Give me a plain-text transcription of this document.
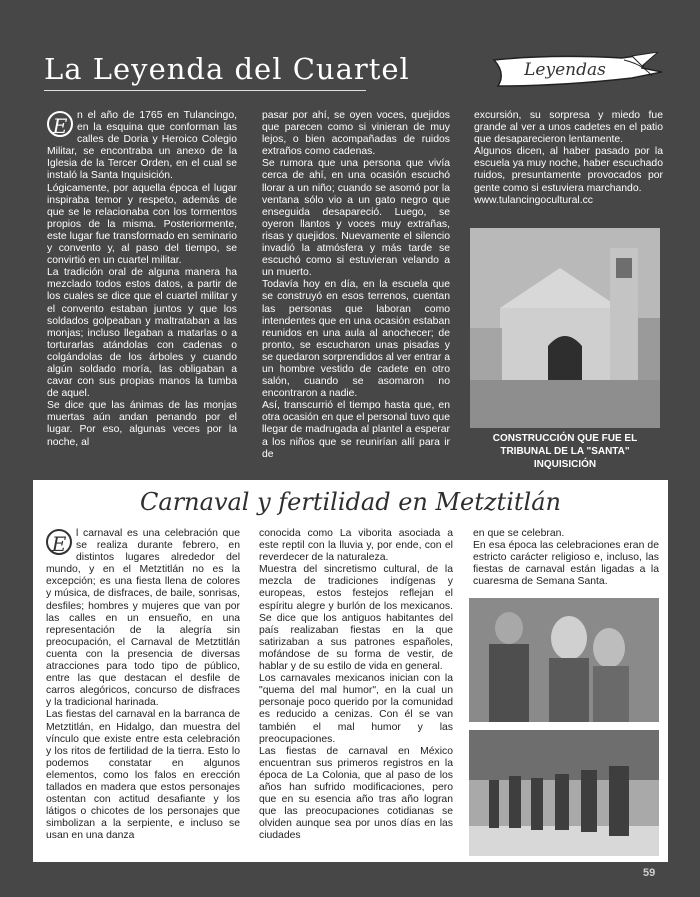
La Leyenda del Cuartel	Leyendas
E n el año de 1765 en Tulancingo, en la esquina que conforman las calles de Doria y Heroico Colegio Militar, se encontraba un anexo de la Iglesia de la Tercer Orden, en el cual se instaló la Santa Inquisición.

Lógicamente, por aquella época el lugar inspiraba temor y respeto, además de que se le relacionaba con los tormentos propios de la misma. Posteriormente, este lugar fue transformado en seminario y convento y, al paso del tiempo, se convirtió en un cuartel militar.

La tradición oral de alguna manera ha mezclado todos estos datos, a partir de los cuales se dice que el cuartel militar y el convento estaban juntos y que los soldados golpeaban y maltrataban a las monjas; incluso llegaban a matarlas o a torturarlas atándolas con cadenas o colgándolas de los árboles y cuando algún soldado moría, las obligaban a cavar con sus propias manos la tumba de aquel.

Se dice que las ánimas de las monjas muertas aún andan penando por el lugar. Por eso, algunas veces por la noche, al

pasar por ahí, se oyen voces, quejidos que parecen como si vinieran de muy lejos, o bien acompañadas de ruidos extraños como cadenas.

Se rumora que una persona que vivía cerca de ahí, en una ocasión escuchó llorar a un niño; cuando se asomó por la ventana sólo vio a un gato negro que enseguida desapareció. Luego, se oyeron llantos y voces muy extrañas, risas y quejidos. Nuevamente el silencio invadió la atmósfera y más tarde se escuchó como si estuvieran velando a un muerto.

Todavía hoy en día, en la escuela que se construyó en esos terrenos, cuentan las personas que laboran como intendentes que en una ocasión estaban reunidos en una aula al anochecer; de pronto, se escucharon unas pisadas y se quedaron sorprendidos al ver entrar a un hombre vestido de cadete en otro salón, cuando se asomaron no encontraron a nadie.

Así, transcurrió el tiempo hasta que, en otra ocasión en que el personal tuvo que llegar de madrugada al plantel a esperar a los niños que se reunirían allí para ir de

excursión, su sorpresa y miedo fue grande al ver a unos cadetes en el patio que desaparecieron lentamente.

Algunos dicen, al haber pasado por la escuela ya muy noche, haber escuchado ruidos, presuntamente provocados por gente como si estuviera marchando.

www.tulancingocultural.cc

CONSTRUCCIÓN QUE FUE EL
TRIBUNAL DE LA "SANTA" INQUISICIÓN
Carnaval y fertilidad en Metztitlán
E l carnaval es una celebración que se realiza durante febrero, en distintos lugares alrededor del mundo, y en el Metztitlán no es la excepción; es una fiesta llena de colores y música, de disfraces, de baile, sonrisas, desfiles; hombres y mujeres que van por las calles en un ensueño, en una representación de la alegría sin preocupación, el Carnaval de Metztitlán cuenta con la presencia de diversas atracciones para todo tipo de público, entre las que destacan el desfile de carros alegóricos, concurso de disfraces y la tradicional harinada.

Las fiestas del carnaval en la barranca de Metztitlán, en Hidalgo, dan muestra del vínculo que existe entre esta celebración y los ritos de fertilidad de la tierra. Esto lo podemos constatar en algunos elementos, como los falos en erección tallados en madera que estos personajes ostentan con actitud desafiante y los látigos o chicotes de los personajes que simbolizan a la serpiente, e incluso se usan en una danza

conocida como La viborita asociada a este reptil con la lluvia y, por ende, con el reverdecer de la naturaleza.

Muestra del sincretismo cultural, de la mezcla de tradiciones indígenas y europeas, estos festejos reflejan el espíritu alegre y burlón de los mexicanos. Se dice que los antiguos habitantes del país realizaban fiestas en la que satirizaban a sus patrones españoles, mofándose de su forma de vestir, de hablar y de su estilo de vida en general.

Los carnavales mexicanos inician con la "quema del mal humor", en la cual un personaje poco querido por la comunidad es reducido a cenizas. Con él se van también el mal humor y las preocupaciones.

Las fiestas de carnaval en México encuentran sus primeros registros en la época de La Colonia, que al paso de los años han sufrido modificaciones, pero que en su esencia año tras año logran que las preocupaciones cotidianas se olviden aunque sea por unos días en las ciudades

en que se celebran.

En esa época las celebraciones eran de estricto carácter religioso e, incluso, las fiestas de carnaval están ligadas a la cuaresma de Semana Santa.

59
